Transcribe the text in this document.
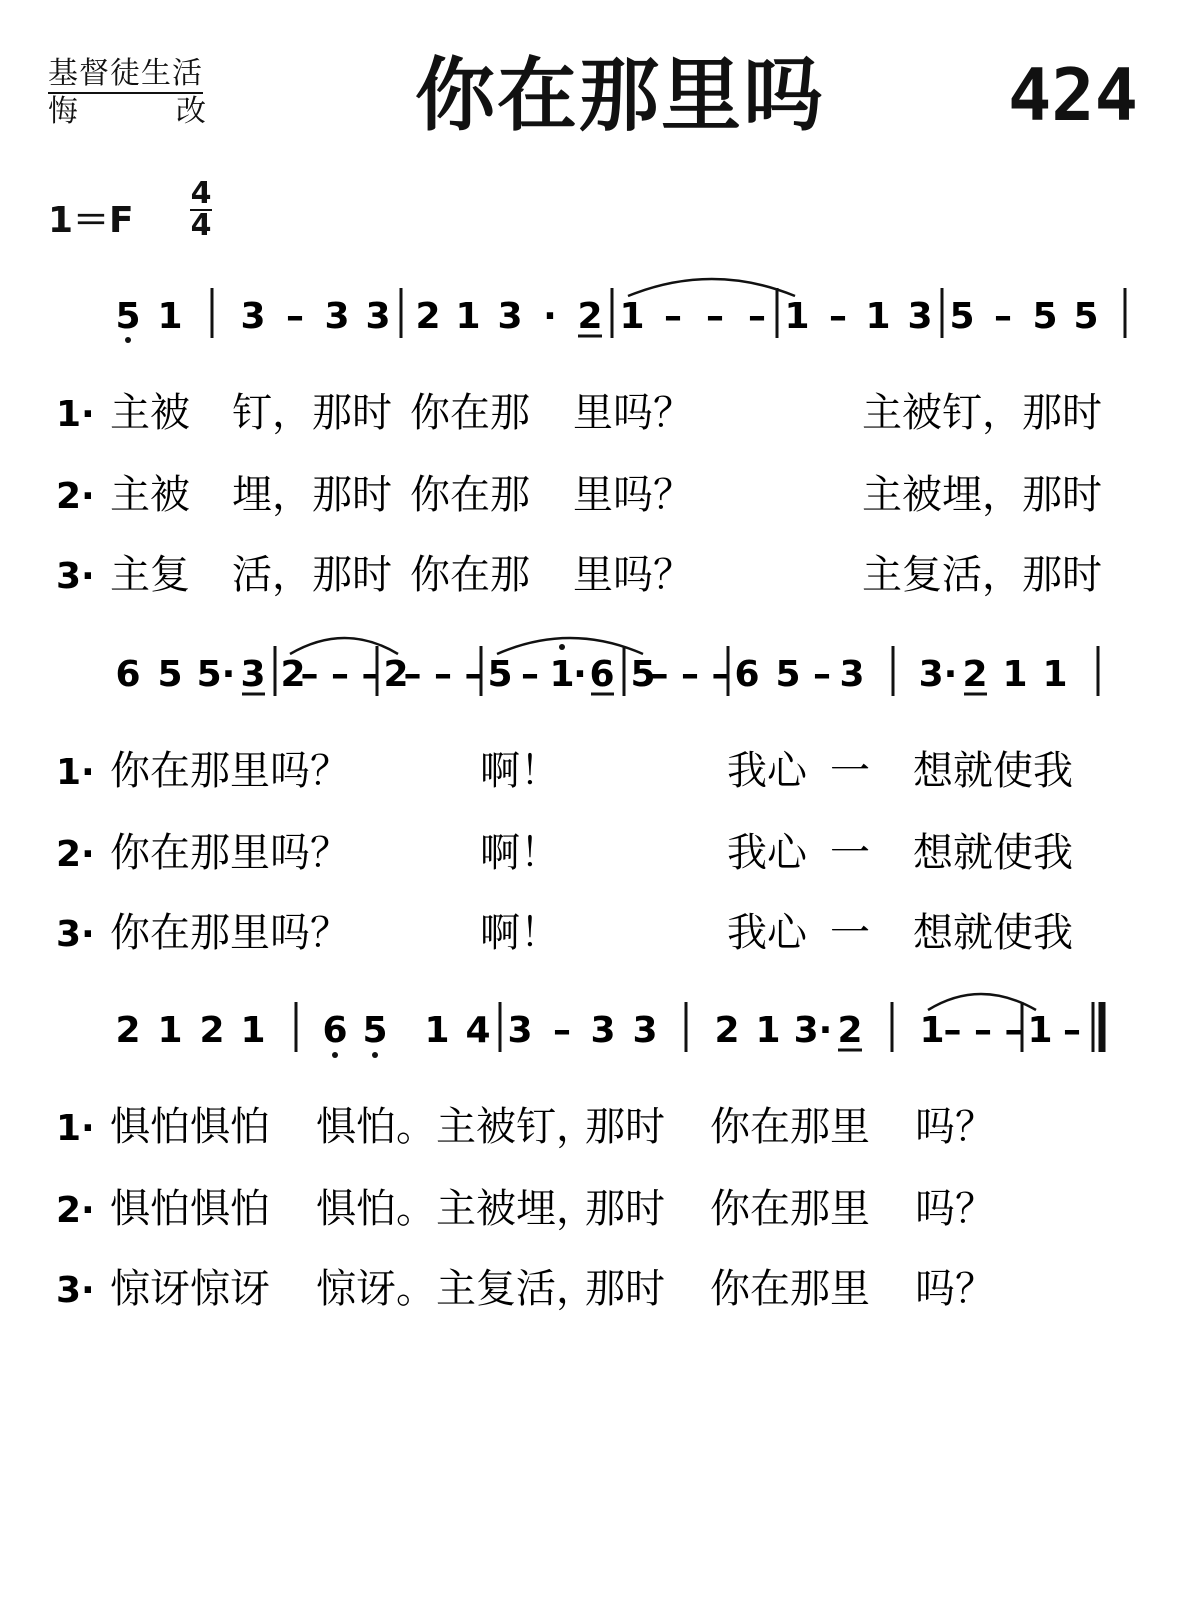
基督徒生活
悔	改	你在那里吗	424
1＝F
4
4
5 1 3 – 3 3 2 1 3 · 2 1 – – – 1 – 1 3 5 – 5 5
1· 主被 钉，那时 你在那 里吗？	主被钉，那时
2· 主被 埋，那时 你在那 里吗？	主被埋，那时
3· 主复 活，那时 你在那 里吗？	主复活，那时
6 5 5· 3 2
– – – 2
– – – 5 – 1
· 6 5
– – – 6 5 – 3 3· 2 1 1
1· 你在那里吗？	啊！	我心 一 想就使我
2· 你在那里吗？	啊！	我心 一 想就使我
3· 你在那里吗？	啊！	我心 一 想就使我
2 1 2 1 6 5 1 4 3 – 3 3 2 1 3· 2 1
– – – 1 –
1· 惧怕惧怕 惧怕。主被钉，
那时 你在那里 吗？
2· 惧怕惧怕 惧怕。主被埋，
那时 你在那里 吗？
3· 惊讶惊讶 惊讶。主复活，
那时 你在那里 吗？
